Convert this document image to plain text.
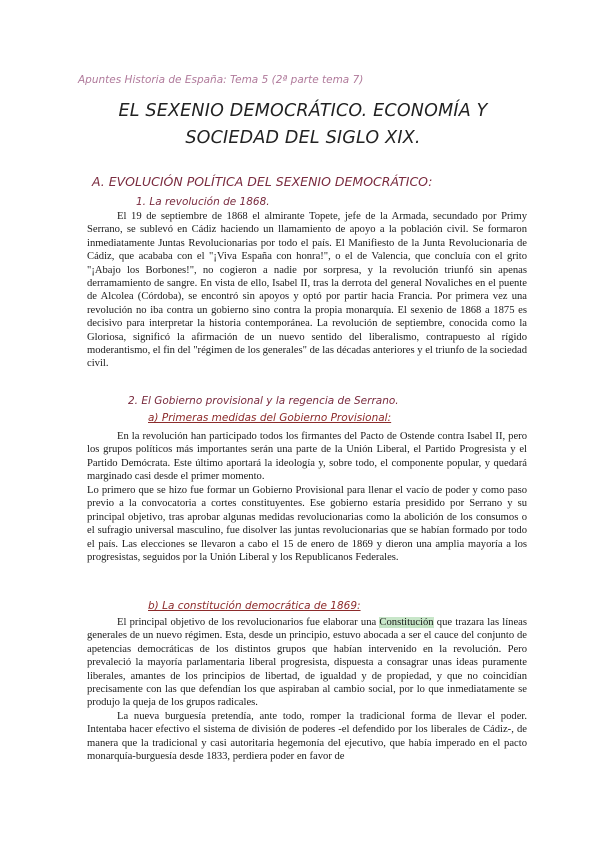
Apuntes Historia de España: Tema 5 (2ª parte tema 7)
EL SEXENIO DEMOCRÁTICO. ECONOMÍA Y SOCIEDAD DEL SIGLO XIX.
A. EVOLUCIÓN POLÍTICA DEL SEXENIO DEMOCRÁTICO:
1. La revolución de 1868.

El 19 de septiembre de 1868 el almirante Topete, jefe de la Armada, secundado por Primy Serrano, se sublevó en Cádiz haciendo un llamamiento de apoyo a la población civil. Se formaron inmediatamente Juntas Revolucionarias por todo el país. El Manifiesto de la Junta Revolucionaria de Cádiz, que acababa con el "¡Viva España con honra!", o el de Valencia, que concluía con el grito "¡Abajo los Borbones!", no cogieron a nadie por sorpresa, y la revolución triunfó sin apenas derramamiento de sangre. En vista de ello, Isabel II, tras la derrota del general Novaliches en el puente de Alcolea (Córdoba), se encontró sin apoyos y optó por partir hacia Francia. Por primera vez una revolución no iba contra un gobierno sino contra la propia monarquía. El sexenio de 1868 a 1875 es decisivo para interpretar la historia contemporánea. La revolución de septiembre, conocida como la Gloriosa, significó la afirmación de un nuevo sentido del liberalismo, contrapuesto al rígido moderantismo, el fin del "régimen de los generales" de las décadas anteriores y el triunfo de la sociedad civil.

2. El Gobierno provisional y la regencia de Serrano.
a) Primeras medidas del Gobierno Provisional:

En la revolución han participado todos los firmantes del Pacto de Ostende contra Isabel II, pero los grupos políticos más importantes serán una parte de la Unión Liberal, el Partido Progresista y el Partido Demócrata. Este último aportará la ideología y, sobre todo, el componente popular, y quedará marginado casi desde el primer momento.

Lo primero que se hizo fue formar un Gobierno Provisional para llenar el vacío de poder y como paso previo a la convocatoria a cortes constituyentes. Ese gobierno estaría presidido por Serrano y su principal objetivo, tras aprobar algunas medidas revolucionarias como la abolición de los consumos o el sufragio universal masculino, fue disolver las juntas revolucionarias que se habían formado por todo el país. Las elecciones se llevaron a cabo el 15 de enero de 1869 y dieron una amplia mayoría a los progresistas, seguidos por la Unión Liberal y los Republicanos Federales.

b) La constitución democrática de 1869:

El principal objetivo de los revolucionarios fue elaborar una Constitución que trazara las líneas generales de un nuevo régimen. Esta, desde un principio, estuvo abocada a ser el cauce del conjunto de apetencias democráticas de los distintos grupos que habían intervenido en la revolución. Pero prevaleció la mayoría parlamentaria liberal progresista, dispuesta a consagrar unas ideas puramente liberales, amantes de los principios de libertad, de igualdad y de propiedad, y que no coincidían precisamente con las que defendían los que aspiraban al cambio social, por lo que inmediatamente se produjo la queja de los grupos radicales.

La nueva burguesía pretendía, ante todo, romper la tradicional forma de llevar el poder. Intentaba hacer efectivo el sistema de división de poderes -el defendido por los liberales de Cádiz-, de manera que la tradicional y casi autoritaria hegemonía del ejecutivo, que había imperado en el pacto monarquía-burguesía desde 1833, perdiera poder en favor de
